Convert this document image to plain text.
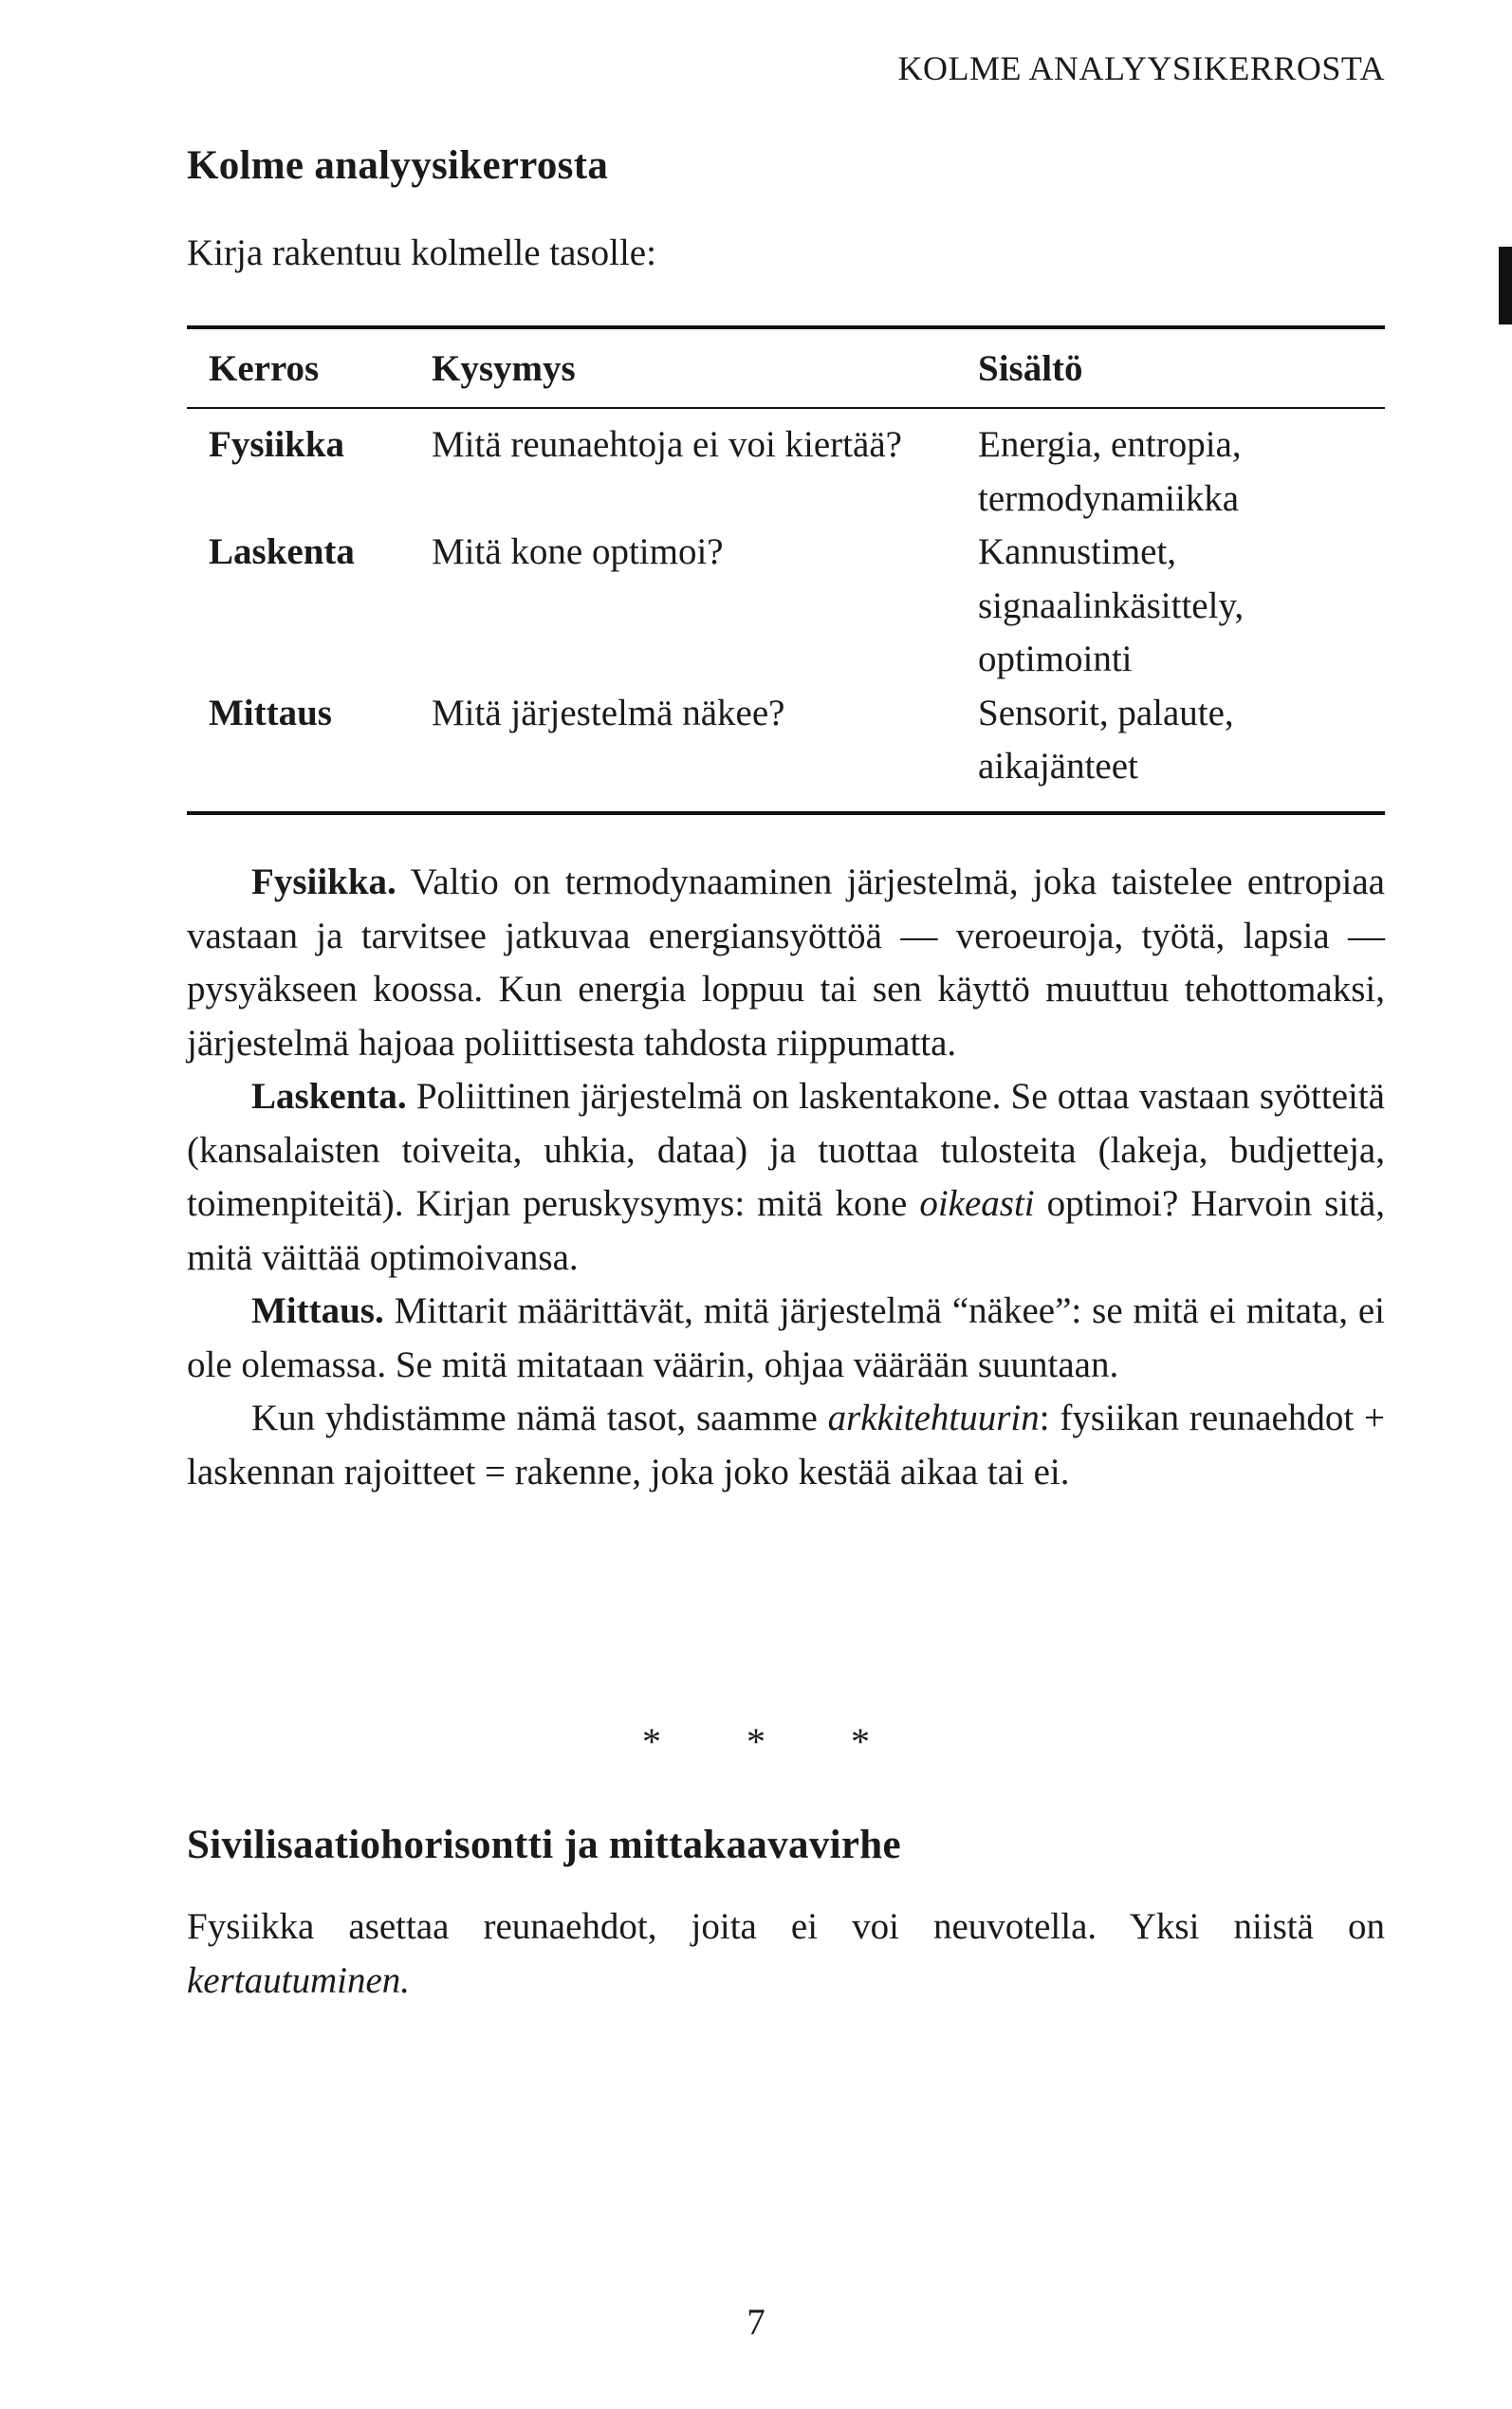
KOLME ANALYYSIKERROSTA

Kolme analyysikerrosta

Kirja rakentuu kolmelle tasolle:

Kerros	Kysymys	Sisältö
Fysiikka	Mitä reunaehtoja ei voi kiertää?	Energia, entropia, termodynamiikka
Laskenta	Mitä kone optimoi?	Kannustimet, signaalinkäsittely, optimointi
Mittaus	Mitä järjestelmä näkee?	Sensorit, palaute, aikajänteet

Fysiikka. Valtio on termodynaaminen järjestelmä, joka taistelee entropiaa vastaan ja tarvitsee jatkuvaa energiansyöttöä — veroeuroja, työtä, lapsia — pysyäkseen koossa. Kun energia loppuu tai sen käyttö muuttuu tehottomaksi, järjestelmä hajoaa poliittisesta tahdosta riippumatta.

Laskenta. Poliittinen järjestelmä on laskentakone. Se ottaa vastaan syötteitä (kansalaisten toiveita, uhkia, dataa) ja tuottaa tulosteita (lakeja, budjetteja, toimenpiteitä). Kirjan peruskysymys: mitä kone oikeasti optimoi? Harvoin sitä, mitä väittää optimoivansa.

Mittaus. Mittarit määrittävät, mitä järjestelmä “näkee”: se mitä ei mitata, ei ole olemassa. Se mitä mitataan väärin, ohjaa väärään suuntaan.

Kun yhdistämme nämä tasot, saamme arkkitehtuurin: fysiikan reunaehdot + laskennan rajoitteet = rakenne, joka joko kestää aikaa tai ei.

* * *
Sivilisaatiohorisontti ja mittakaavavirhe

Fysiikka asettaa reunaehdot, joita ei voi neuvotella. Yksi niistä on kertautuminen.

7
